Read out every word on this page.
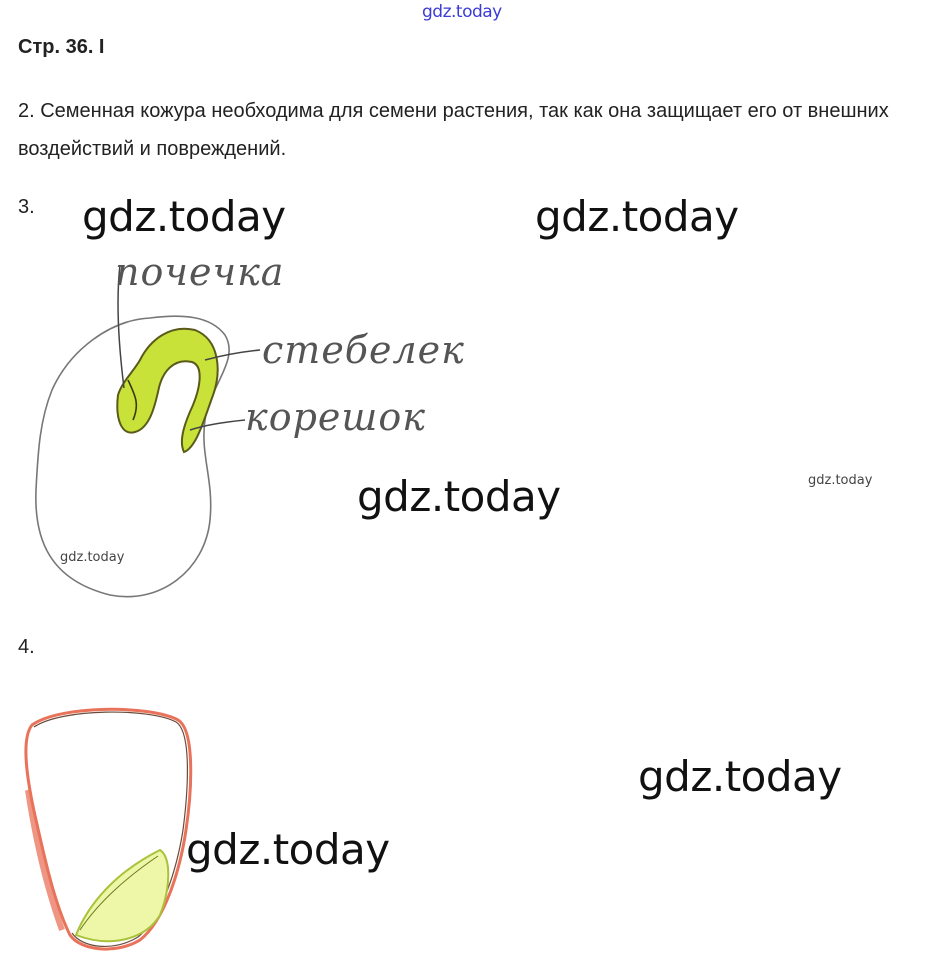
gdz.today
Стр. 36. I
2. Семенная кожура необходима для семени растения, так как она защищает его от внешних воздействий и повреждений.
3.
4.
почечка
стебелек
корешок
gdz.today	gdz.today
gdz.today	gdz.today
gdz.today
gdz.today
gdz.today
